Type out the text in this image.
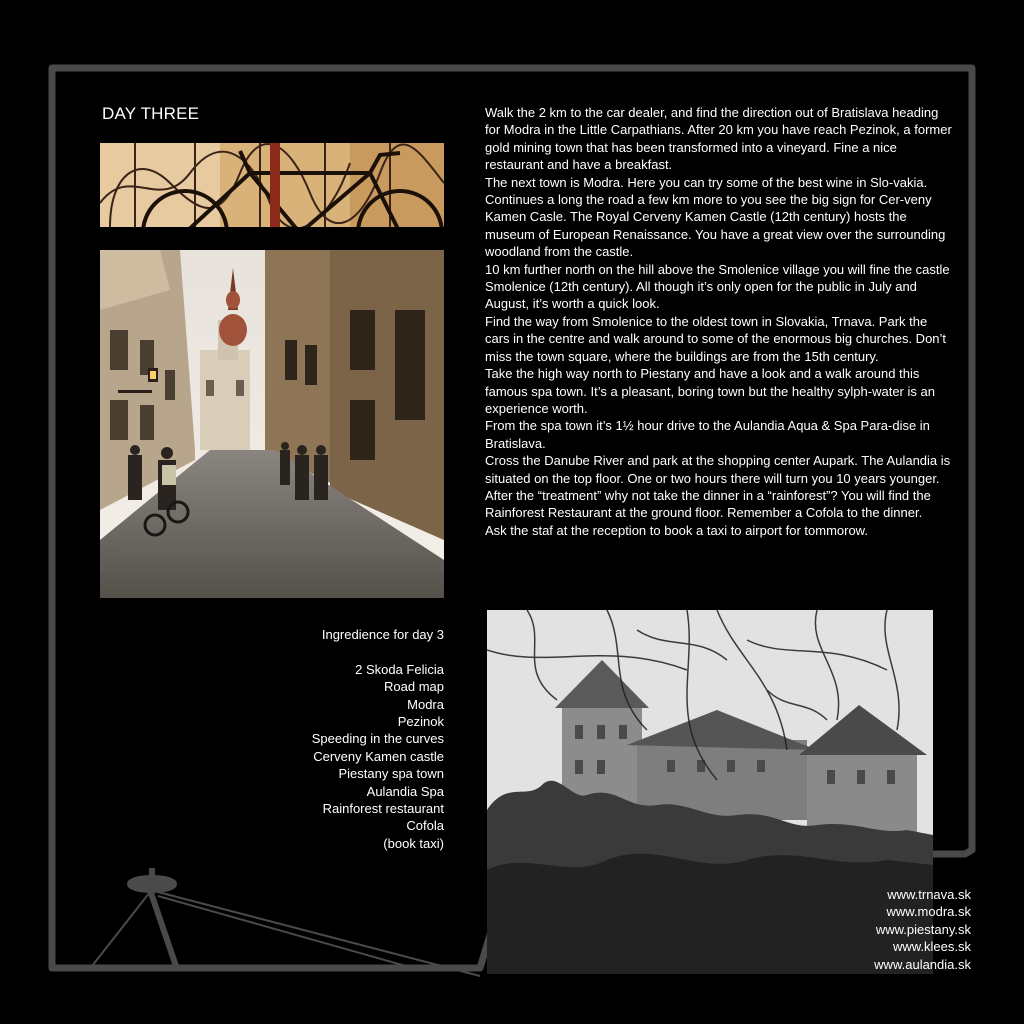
DAY THREE	Walk the 2 km to the car dealer, and find the direction out of Bratislava heading for Modra in the Little Carpathians. After 20 km you have reach Pezinok, a former gold mining town that has been transformed into a vineyard. Fine a nice restaurant and have a breakfast.

The next town is Modra. Here you can try some of the best wine in Slo-vakia.

Continues a long the road a few km more to you see the big sign for Cer-veny Kamen Casle. The Royal Cerveny Kamen Castle (12th century) hosts the museum of European Renaissance. You have a great view over the surrounding woodland from the castle.

10 km further north on the hill above the Smolenice village you will fine the castle Smolenice (12th century). All though it’s only open for the public in July and August, it’s worth a quick look.

Find the way from Smolenice to the oldest town in Slovakia, Trnava. Park the cars in the centre and walk around to some of the enormous big churches. Don’t miss the town square, where the buildings are from the 15th century.

Take the high way north to Piestany and have a look and a walk around this famous spa town. It’s a pleasant, boring town but the healthy sylph-water is an experience worth.

From the spa town it’s 1½ hour drive to the Aulandia Aqua & Spa Para-dise in Bratislava.

Cross the Danube River and park at the shopping center Aupark. The Aulandia is situated on the top floor. One or two hours there will turn you 10 years younger.

After the “treatment” why not take the dinner in a “rainforest”? You will find the Rainforest Restaurant at the ground floor. Remember a Cofola to the dinner.

Ask the staf at the reception to book a taxi to airport for tommorow.

Ingredience for day 3

2 Skoda Felicia
Road map
Modra
Pezinok
Speeding in the curves
Cerveny Kamen castle
Piestany spa town
Aulandia Spa
Rainforest restaurant
Cofola
(book taxi)
www.trnava.sk
www.modra.sk
www.piestany.sk
www.klees.sk
www.aulandia.sk
